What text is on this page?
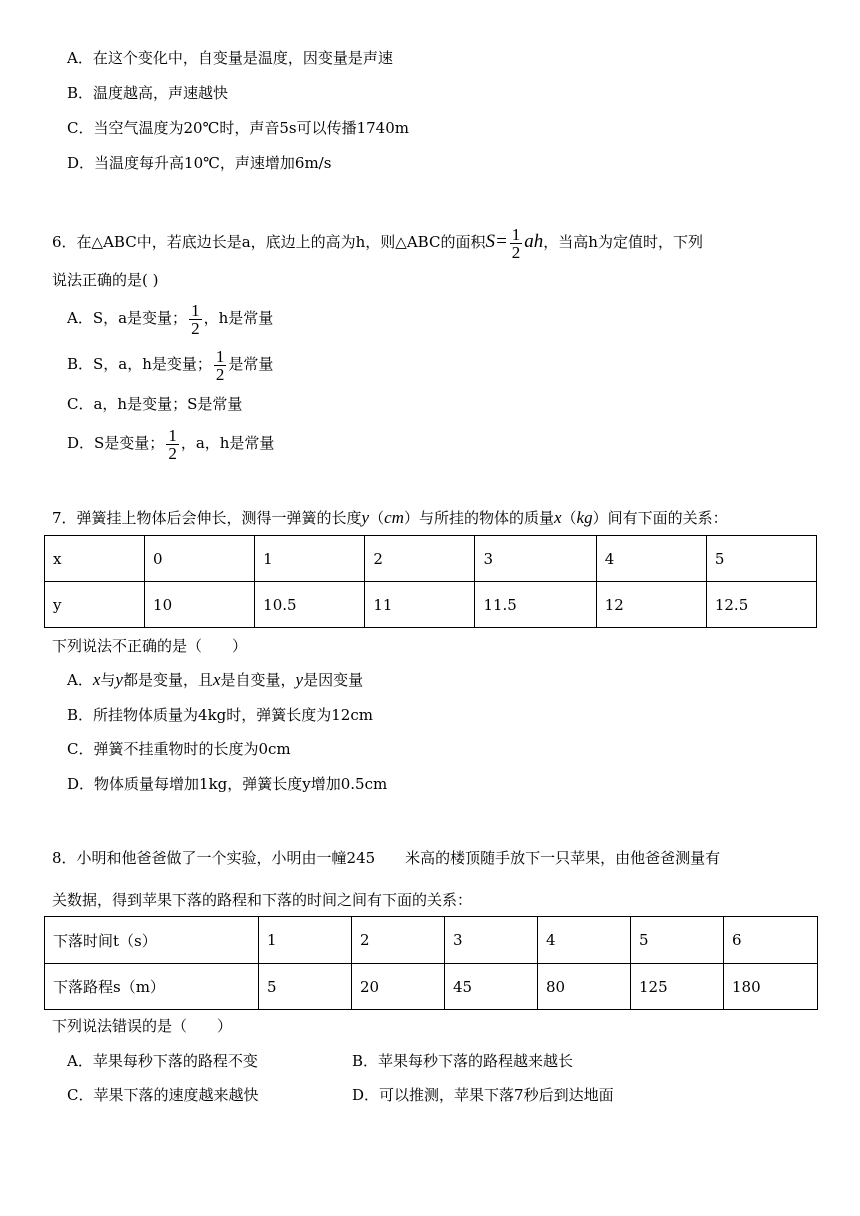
A．在这个变化中，自变量是温度，因变量是声速
B．温度越高，声速越快
C．当空气温度为20℃时，声音5s可以传播1740m
D．当温度每升高10℃，声速增加6m/s
6．在△ABC中，若底边长是a，底边上的高为h，则△ABC的面积$S= \frac{1}{2}$ ah，当高h为定值时，下列
说法正确的是( )
A．S，a是变量； $\frac{1}{2}$ ，h是常量
B．S，a，h是变量； $\frac{1}{2}$ 是常量
C．a，h是变量；S是常量
D．S是变量； $\frac{1}{2}$ ，a，h是常量
7．弹簧挂上物体后会伸长，测得一弹簧的长度y（cm）与所挂的物体的质量x（kg）间有下面的关系：
x	0	1	2	3	4	5
y	10	10.5	11	11.5	12	12.5
下列说法不正确的是（　　）
A．x与y都是变量，且x是自变量，y是因变量
B．所挂物体质量为4kg时，弹簧长度为12cm
C．弹簧不挂重物时的长度为0cm
D．物体质量每增加1kg，弹簧长度y增加0.5cm
8．小明和他爸爸做了一个实验，小明由一幢245　　米高的楼顶随手放下一只苹果，由他爸爸测量有
关数据，得到苹果下落的路程和下落的时间之间有下面的关系：
下落时间t（s）	1	2	3	4	5	6
下落路程s（m）	5	20	45	80	125	180
下列说法错误的是（　　）
A．苹果每秒下落的路程不变	B．苹果每秒下落的路程越来越长
C．苹果下落的速度越来越快	D．可以推测，苹果下落7秒后到达地面
